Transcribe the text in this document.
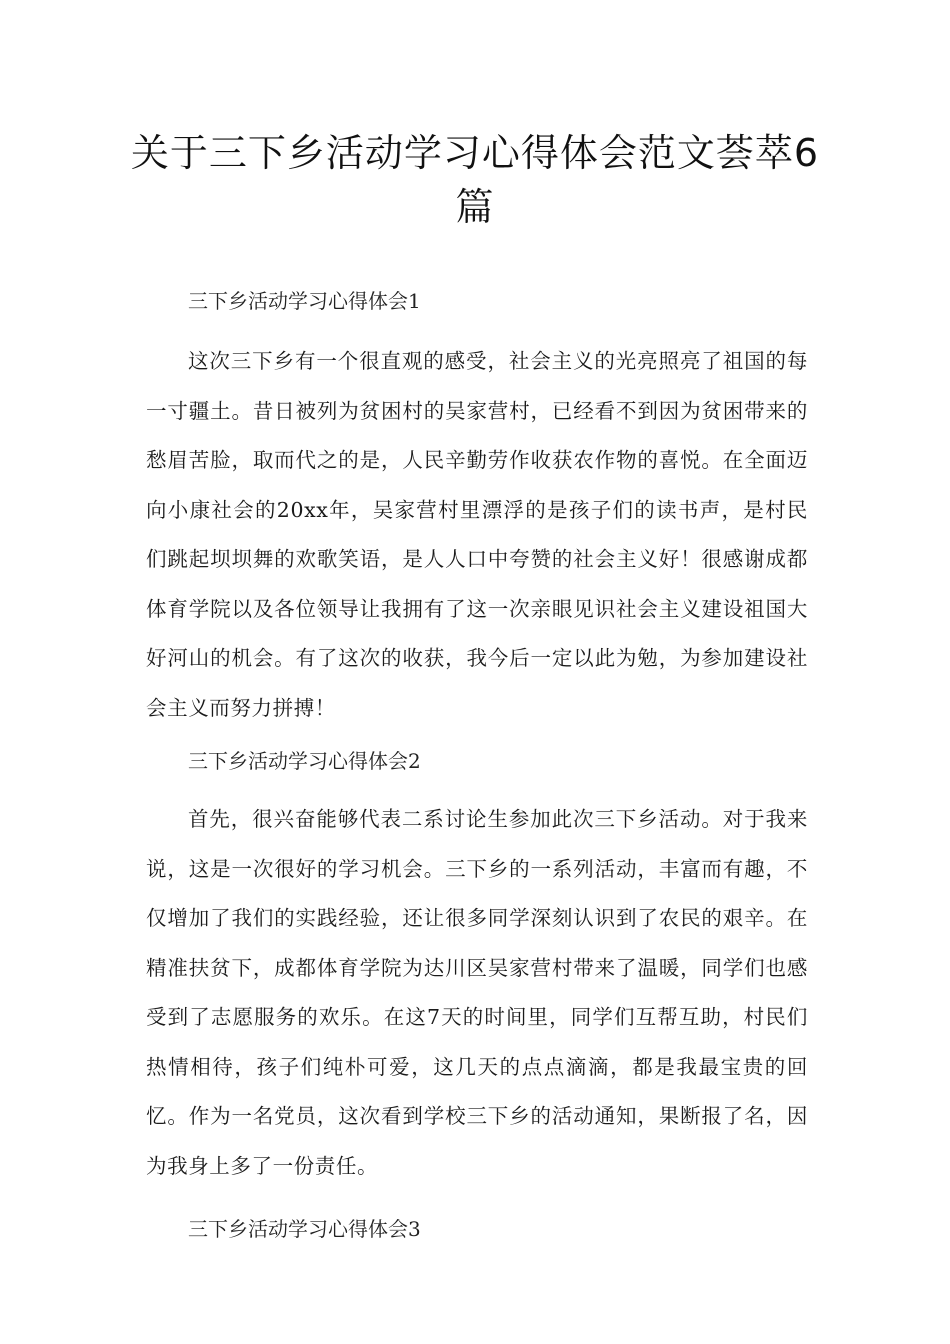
关于三下乡活动学习心得体会范文荟萃6篇

三下乡活动学习心得体会1

这次三下乡有一个很直观的感受，社会主义的光亮照亮了祖国的每一寸疆土。昔日被列为贫困村的吴家营村，已经看不到因为贫困带来的愁眉苦脸，取而代之的是，人民辛勤劳作收获农作物的喜悦。在全面迈向小康社会的20xx年，吴家营村里漂浮的是孩子们的读书声，是村民们跳起坝坝舞的欢歌笑语，是人人口中夸赞的社会主义好！很感谢成都体育学院以及各位领导让我拥有了这一次亲眼见识社会主义建设祖国大好河山的机会。有了这次的收获，我今后一定以此为勉，为参加建设社会主义而努力拼搏！

三下乡活动学习心得体会2

首先，很兴奋能够代表二系讨论生参加此次三下乡活动。对于我来说，这是一次很好的学习机会。三下乡的一系列活动，丰富而有趣，不仅增加了我们的实践经验，还让很多同学深刻认识到了农民的艰辛。在精准扶贫下，成都体育学院为达川区吴家营村带来了温暖，同学们也感受到了志愿服务的欢乐。在这7天的时间里，同学们互帮互助，村民们热情相待，孩子们纯朴可爱，这几天的点点滴滴，都是我最宝贵的回忆。作为一名党员，这次看到学校三下乡的活动通知，果断报了名，因为我身上多了一份责任。

三下乡活动学习心得体会3
